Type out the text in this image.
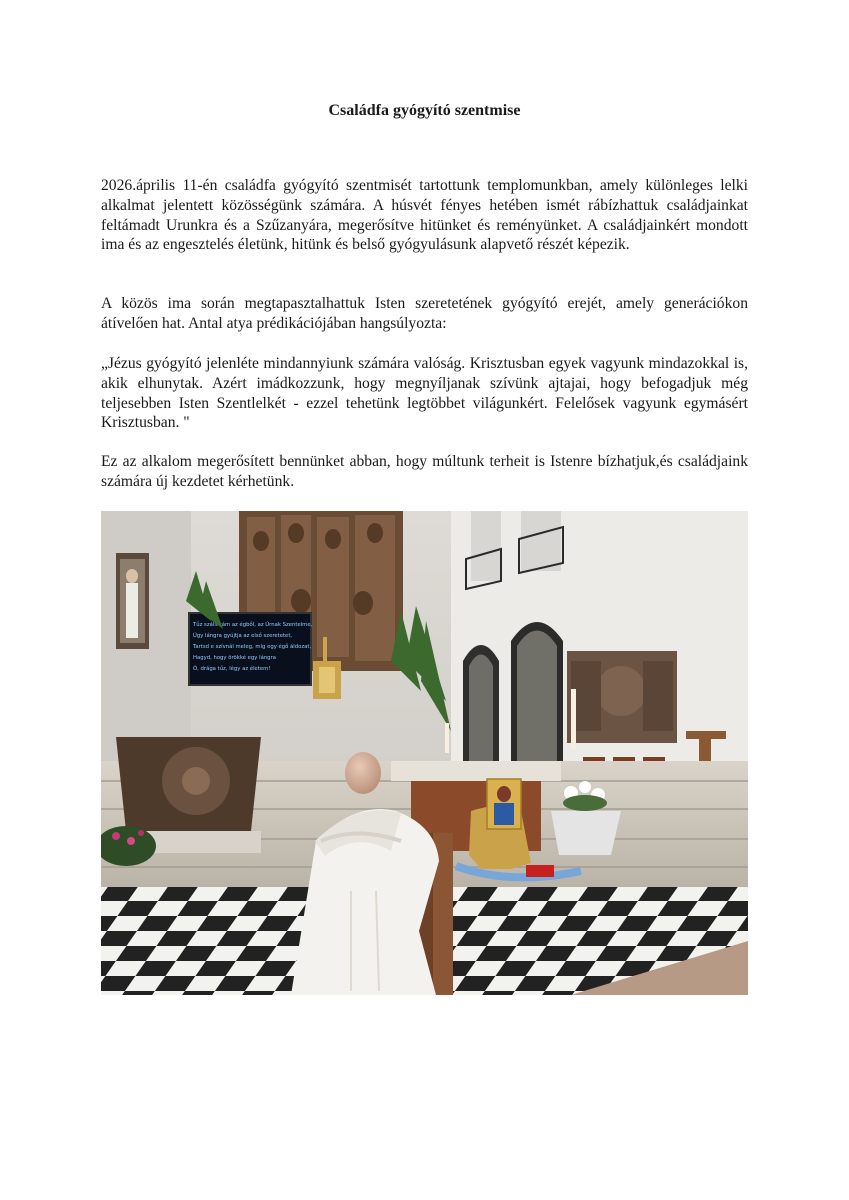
Családfa gyógyító szentmise

2026.április 11-én családfa gyógyító szentmisét tartottunk templomunkban, amely különleges lelki alkalmat jelentett közösségünk számára. A húsvét fényes hetében ismét rábízhattuk családjainkat feltámadt Urunkra és a Szűzanyára, megerősítve hitünket és reményünket. A családjainkért mondott ima és az engesztelés életünk, hitünk és belső gyógyulásunk alapvető részét képezik.

A közös ima során megtapasztalhattuk Isten szeretetének gyógyító erejét, amely generációkon átívelően hat. Antal atya prédikációjában hangsúlyozta:

„Jézus gyógyító jelenléte mindannyiunk számára valóság. Krisztusban egyek vagyunk mindazokkal is, akik elhunytak. Azért imádkozzunk, hogy megnyíljanak szívünk ajtajai, hogy befogadjuk még teljesebben Isten Szentlelkét - ezzel tehetünk legtöbbet világunkért. Felelősek vagyunk egymásért Krisztusban. "

Ez az alkalom megerősített bennünket abban, hogy múltunk terheit is Istenre bízhatjuk,és családjaink számára új kezdetet kérhetünk.

Tűz szállt rám az égből, az Úrnak Szentelme,
Úgy lángra gyújtja az első szeretetet,
Tartsd e szívnál meleg, míg egy égő áldozat,
Hagyd, hogy örökké egy lángra
Ó, drága tűz, légy az életem!
